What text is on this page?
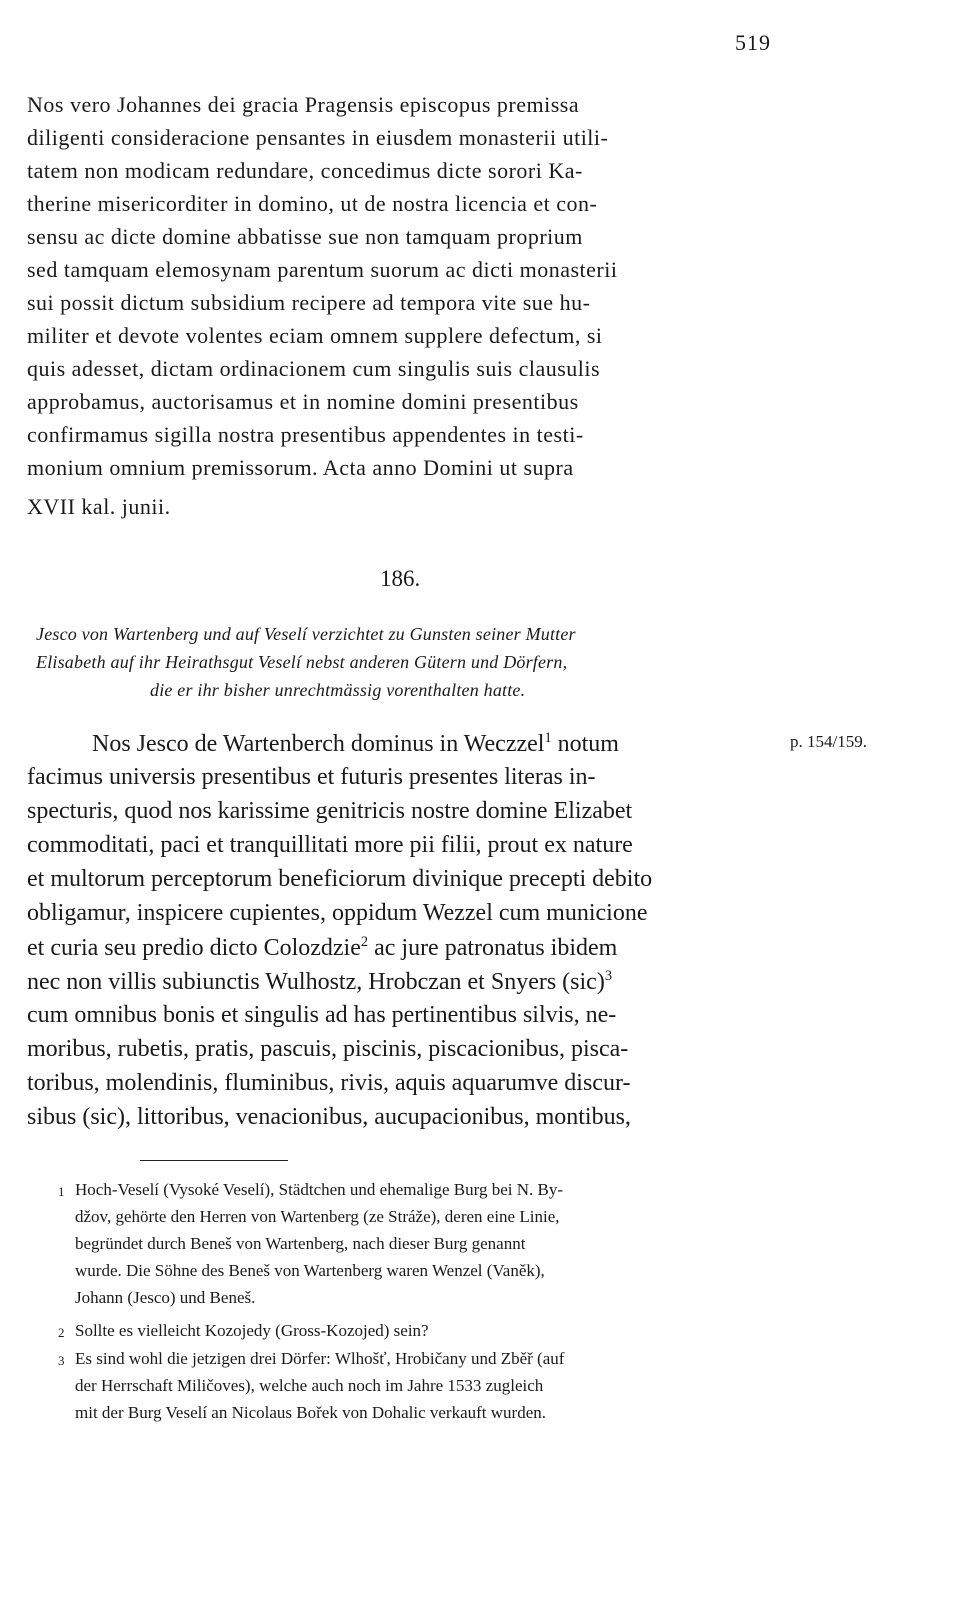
519
Nos vero Johannes dei gracia Pragensis episcopus premissa
diligenti consideracione pensantes in eiusdem monasterii utili-
tatem non modicam redundare, concedimus dicte sorori Ka-
therine misericorditer in domino, ut de nostra licencia et con-
sensu ac dicte domine abbatisse sue non tamquam proprium
sed tamquam elemosynam parentum suorum ac dicti monasterii
sui possit dictum subsidium recipere ad tempora vite sue hu-
militer et devote volentes eciam omnem supplere defectum, si
quis adesset, dictam ordinacionem cum singulis suis clausulis
approbamus, auctorisamus et in nomine domini presentibus
confirmamus sigilla nostra presentibus appendentes in testi-
monium omnium premissorum. Acta anno Domini ut supra
XVII kal. junii.
186.
Jesco von Wartenberg und auf Veselí verzichtet zu Gunsten seiner Mutter
Elisabeth auf ihr Heirathsgut Veselí nebst anderen Gütern und Dörfern,
die er ihr bisher unrechtmässig vorenthalten hatte.
p. 154/159.
Nos Jesco de Wartenberch dominus in Weczzel$^1$ notum
facimus universis presentibus et futuris presentes literas in-
specturis, quod nos karissime genitricis nostre domine Elizabet
commoditati, paci et tranquillitati more pii filii, prout ex nature
et multorum perceptorum beneficiorum divinique precepti debito
obligamur, inspicere cupientes, oppidum Wezzel cum municione
et curia seu predio dicto Colozdzie$^2$ ac jure patronatus ibidem
nec non villis subiunctis Wulhostz, Hrobczan et Snyers (sic)$^3$
cum omnibus bonis et singulis ad has pertinentibus silvis, ne-
moribus, rubetis, pratis, pascuis, piscinis, piscacionibus, pisca-
toribus, molendinis, fluminibus, rivis, aquis aquarumve discur-
sibus (sic), littoribus, venacionibus, aucupacionibus, montibus,
1 Hoch-Veselí (Vysoké Veselí), Städtchen und ehemalige Burg bei N. By-
džov, gehörte den Herren von Wartenberg (ze Stráže), deren eine Linie,
begründet durch Beneš von Wartenberg, nach dieser Burg genannt
wurde. Die Söhne des Beneš von Wartenberg waren Wenzel (Vaněk),
Johann (Jesco) und Beneš.
2 Sollte es vielleicht Kozojedy (Gross-Kozojed) sein?
3 Es sind wohl die jetzigen drei Dörfer: Wlhošť, Hrobičany und Zběř (auf
der Herrschaft Miličoves), welche auch noch im Jahre 1533 zugleich
mit der Burg Veselí an Nicolaus Bořek von Dohalic verkauft wurden.
